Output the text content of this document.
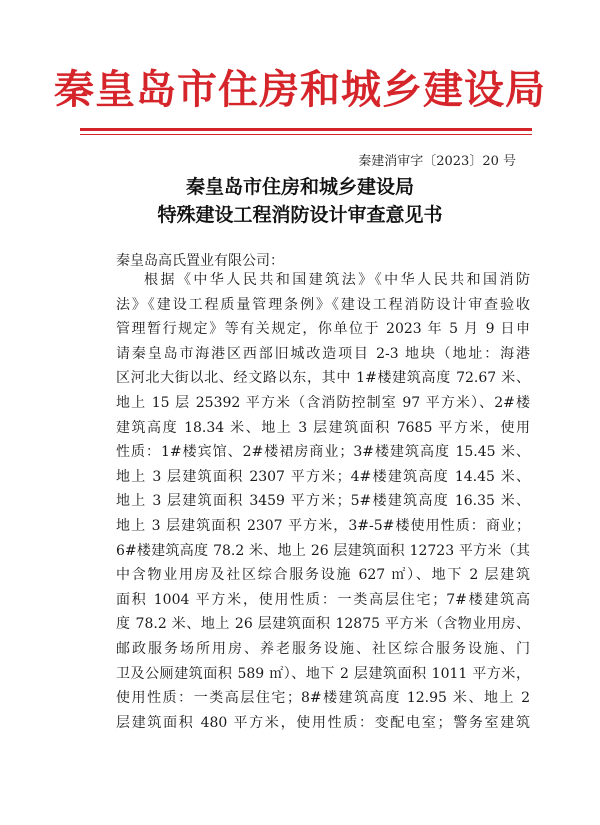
秦皇岛市住房和城乡建设局
秦建消审字〔2023〕20 号
秦皇岛市住房和城乡建设局
特殊建设工程消防设计审查意见书
秦皇岛高氏置业有限公司：
根据《中华人民共和国建筑法》《中华人民共和国消防
法》《建设工程质量管理条例》《建设工程消防设计审查验收
管理暂行规定》等有关规定，你单位于 2023 年 5 月 9 日申
请秦皇岛市海港区西部旧城改造项目 2-3 地块（地址：海港
区河北大街以北、经文路以东，其中 1#楼建筑高度 72.67 米、
地上 15 层 25392 平方米（含消防控制室 97 平方米）、2#楼
建筑高度 18.34 米、地上 3 层建筑面积 7685 平方米，使用
性质：1#楼宾馆、2#楼裙房商业；3#楼建筑高度 15.45 米、
地上 3 层建筑面积 2307 平方米；4#楼建筑高度 14.45 米、
地上 3 层建筑面积 3459 平方米；5#楼建筑高度 16.35 米、
地上 3 层建筑面积 2307 平方米，3#-5#楼使用性质：商业；
6#楼建筑高度 78.2 米、地上 26 层建筑面积 12723 平方米（其
中含物业用房及社区综合服务设施 627 ㎡）、地下 2 层建筑
面积 1004 平方米，使用性质：一类高层住宅；7#楼建筑高
度 78.2 米、地上 26 层建筑面积 12875 平方米（含物业用房、
邮政服务场所用房、养老服务设施、社区综合服务设施、门
卫及公厕建筑面积 589 ㎡）、地下 2 层建筑面积 1011 平方米，
使用性质：一类高层住宅；8#楼建筑高度 12.95 米、地上 2
层建筑面积 480 平方米，使用性质：变配电室；警务室建筑
